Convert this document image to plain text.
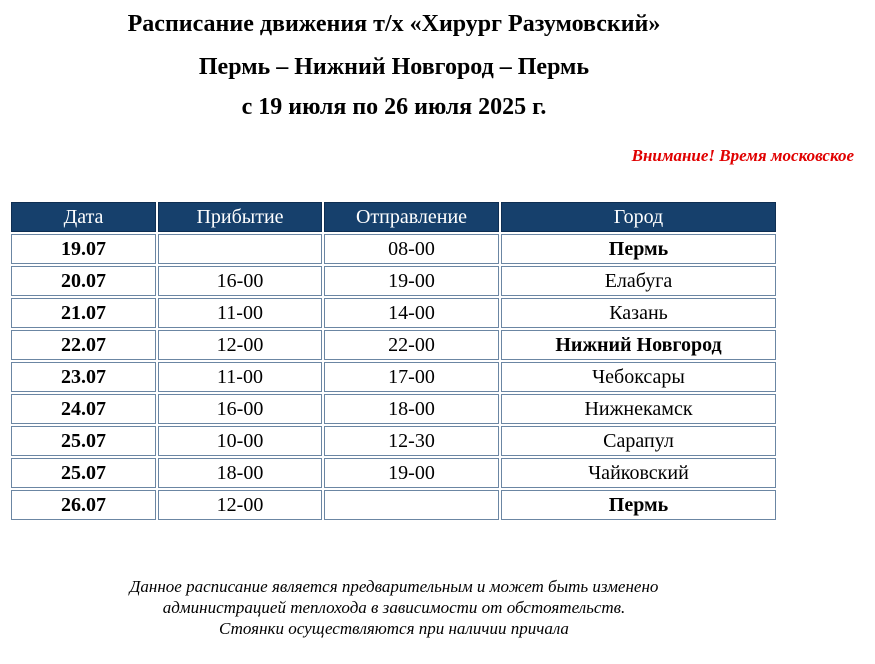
Расписание движения т/х «Хирург Разумовский»
Пермь – Нижний Новгород – Пермь
с 19 июля по 26 июля 2025 г.
Внимание! Время московское
Дата	Прибытие	Отправление	Город
19.07		08-00	Пермь
20.07	16-00	19-00	Елабуга
21.07	11-00	14-00	Казань
22.07	12-00	22-00	Нижний Новгород
23.07	11-00	17-00	Чебоксары
24.07	16-00	18-00	Нижнекамск
25.07	10-00	12-30	Сарапул
25.07	18-00	19-00	Чайковский
26.07	12-00		Пермь
Данное расписание является предварительным и может быть изменено
администрацией теплохода в зависимости от обстоятельств.
Стоянки осуществляются при наличии причала
